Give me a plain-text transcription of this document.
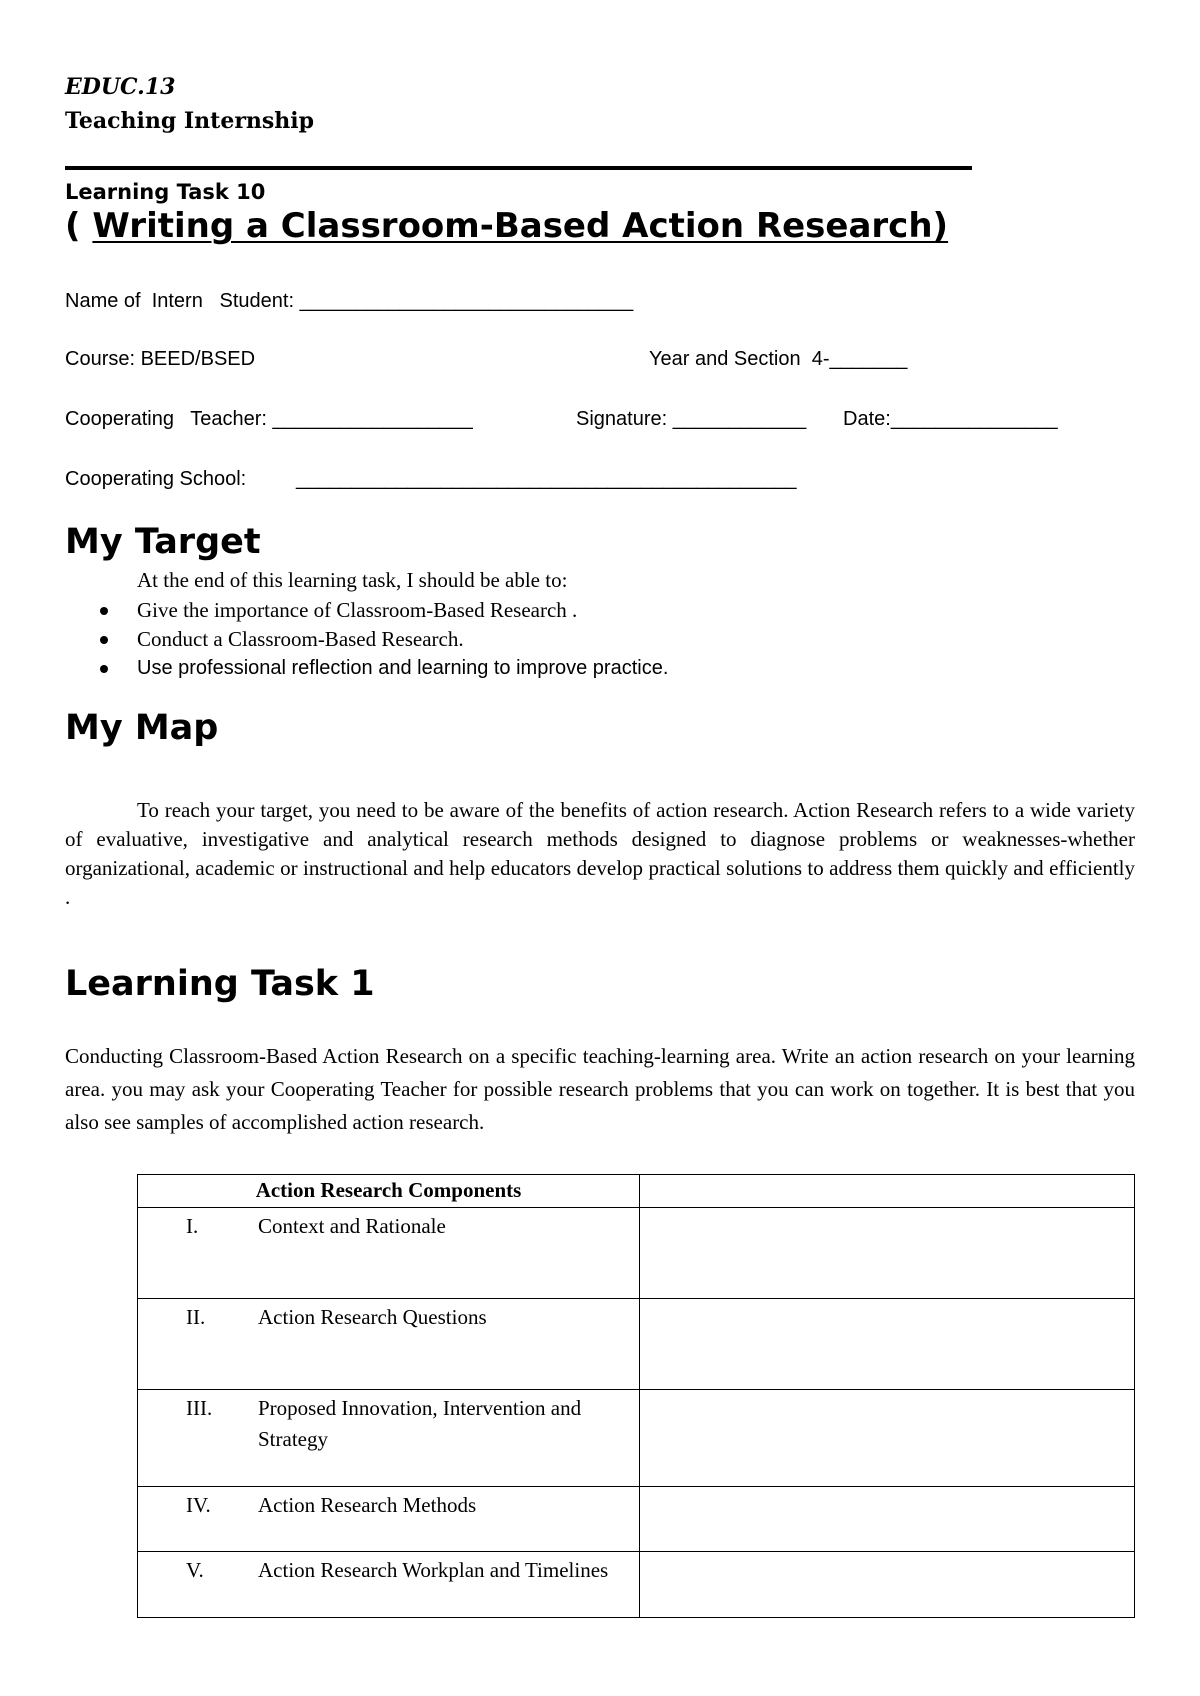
EDUC.13
Teaching Internship
Learning Task 10
( Writing a Classroom-Based Action Research)
Name of  Intern   Student: ______________________________
Course: BEED/BSED	Year and Section  4-_______
Cooperating   Teacher: __________________	Signature: ____________ Date:_______________
Cooperating School: _____________________________________________
My Target
At the end of this learning task, I should be able to:
Give the importance of Classroom-Based Research .
Conduct a Classroom-Based Research.
Use professional reflection and learning to improve practice.
My Map

To reach your target, you need to be aware of the benefits of action research. Action Research refers to a wide variety of evaluative, investigative and analytical research methods designed to diagnose problems or weaknesses-whether organizational, academic or instructional and help educators develop practical solutions to address them quickly and efficiently .

Learning Task 1

Conducting Classroom-Based Action Research on a specific teaching-learning area. Write an action research on your learning area. you may ask your Cooperating Teacher for possible research problems that you can work on together. It is best that you also see samples of accomplished action research.

Action Research Components	

I. Context and Rationale	

II. Action Research Questions	

III. Proposed Innovation, Intervention and Strategy	

IV. Action Research Methods	

V. Action Research Workplan and Timelines	
